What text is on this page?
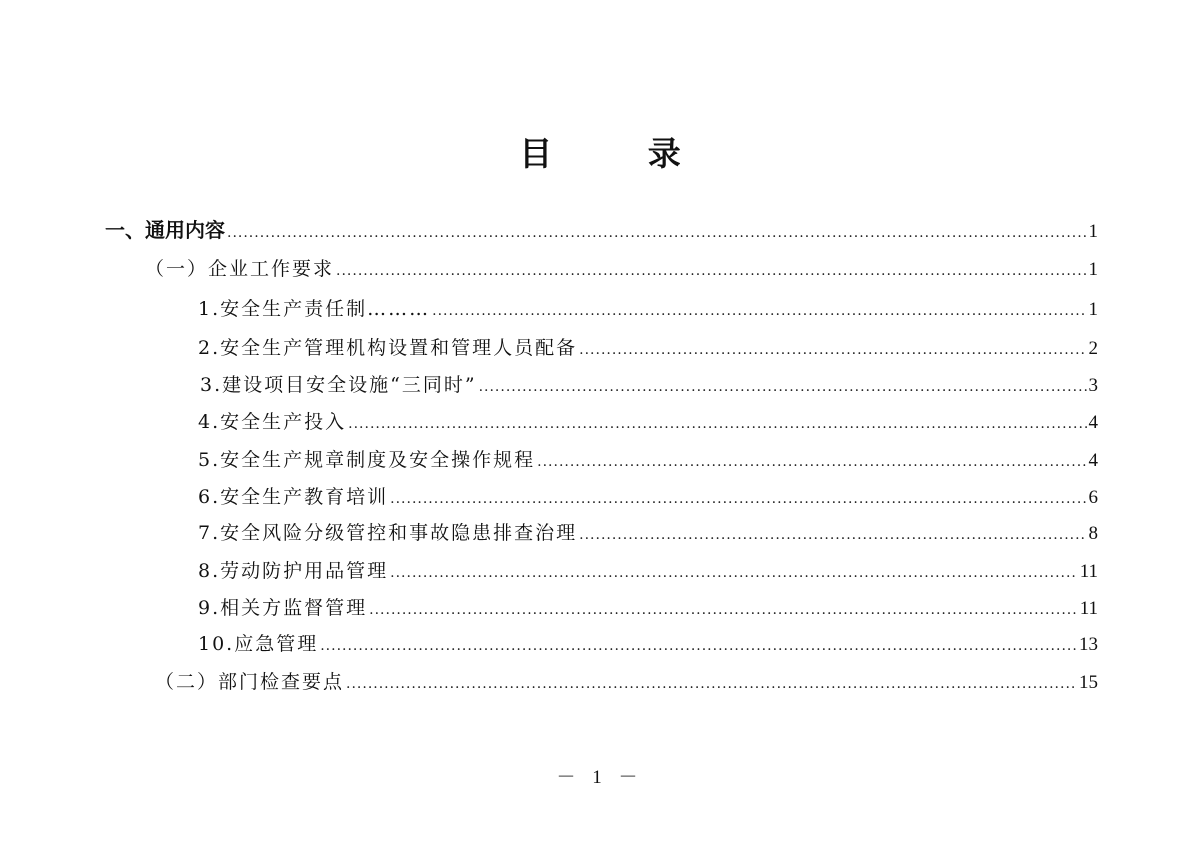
目 录
一、通用内容 .....	1
（一）企业工作要求 .....	1
1.安全生产责任制……… .....	1
2.安全生产管理机构设置和管理人员配备 .....	2
3.建设项目安全设施“三同时” .....	3
4.安全生产投入 .....	4
5.安全生产规章制度及安全操作规程 .....	4
6.安全生产教育培训 .....	6
7.安全风险分级管控和事故隐患排查治理 .....	8
8.劳动防护用品管理 .....	11
9.相关方监督管理 .....	11
10.应急管理 .....	13
（二）部门检查要点 .....	15
－ 1 －
